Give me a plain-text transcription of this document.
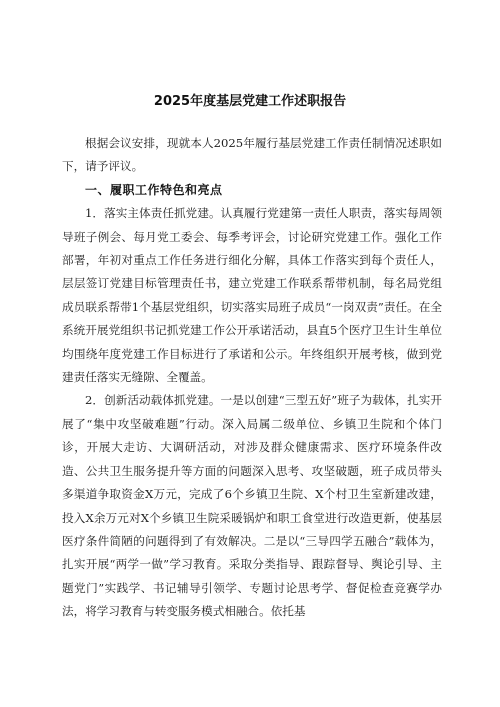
2025年度基层党建工作述职报告

根据会议安排，现就本人2025年履行基层党建工作责任制情况述职如下，请予评议。

一、履职工作特色和亮点

1．落实主体责任抓党建。认真履行党建第一责任人职责，落实每周领导班子例会、每月党工委会、每季考评会，讨论研究党建工作。强化工作部署，年初对重点工作任务进行细化分解，具体工作落实到每个责任人，层层签订党建目标管理责任书，建立党建工作联系帮带机制，每名局党组成员联系帮带1个基层党组织，切实落实局班子成员“一岗双责”责任。在全系统开展党组织书记抓党建工作公开承诺活动，县直5个医疗卫生计生单位均围绕年度党建工作目标进行了承诺和公示。年终组织开展考核，做到党建责任落实无缝隙、全覆盖。

2．创新活动载体抓党建。一是以创建“三型五好”班子为载体，扎实开展了“集中攻坚破难题”行动。深入局属二级单位、乡镇卫生院和个体门诊，开展大走访、大调研活动，对涉及群众健康需求、医疗环境条件改造、公共卫生服务提升等方面的问题深入思考、攻坚破题，班子成员带头多渠道争取资金X万元，完成了6个乡镇卫生院、X个村卫生室新建改建，投入X余万元对X个乡镇卫生院采暖锅炉和职工食堂进行改造更新，使基层医疗条件简陋的问题得到了有效解决。二是以“三导四学五融合”载体为，扎实开展“两学一做”学习教育。采取分类指导、跟踪督导、舆论引导、主题党门”实践学、书记辅导引领学、专题讨论思考学、督促检查竞赛学办法，将学习教育与转变服务模式相融合。依托基
